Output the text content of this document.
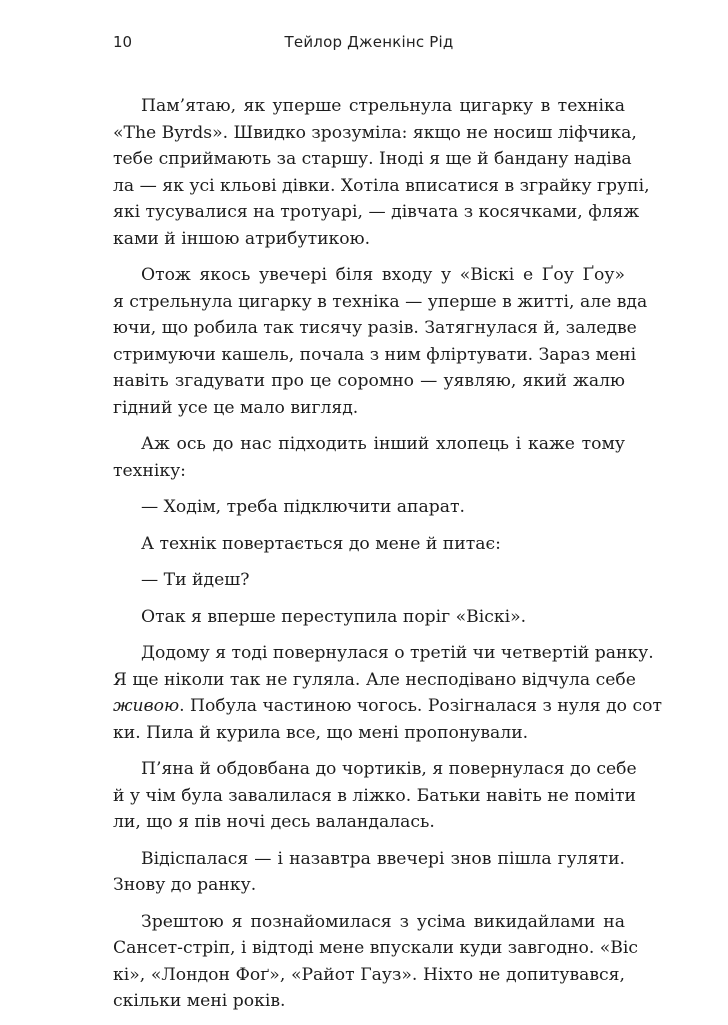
10	Тейлор Дженкінс Рід
Пам’ятаю, як уперше стрельнула цигарку в техніка
«The Byrds». Швидко зрозуміла: якщо не носиш ліфчика,
тебе сприймають за старшу. Іноді я ще й бандану надіва
ла — як усі кльові дівки. Хотіла вписатися в зграйку групі,
які тусувалися на тротуарі, — дівчата з косячками, фляж
ками й іншою атрибутикою.
Отож якось увечері біля входу у «Віскі е Ґоу Ґоу»
я стрельнула цигарку в техніка — уперше в житті, але вда
ючи, що робила так тисячу разів. Затягнулася й, заледве
стримуючи кашель, почала з ним фліртувати. Зараз мені
навіть згадувати про це соромно — уявляю, який жалю
гідний усе це мало вигляд.
Аж ось до нас підходить інший хлопець і каже тому
техніку:
— Ходім, треба підключити апарат.
А технік повертається до мене й питає:
— Ти йдеш?
Отак я вперше переступила поріг «Віскі».
Додому я тоді повернулася о третій чи четвертій ранку.
Я ще ніколи так не гуляла. Але несподівано відчула себе
живою. Побула частиною чогось. Розігналася з нуля до сот
ки. Пила й курила все, що мені пропонували.
П’яна й обдовбана до чортиків, я повернулася до себе
й у чім була завалилася в ліжко. Батьки навіть не поміти
ли, що я пів ночі десь валандалась.
Відіспалася — і назавтра ввечері знов пішла гуляти.
Знову до ранку.
Зрештою я познайомилася з усіма викидайлами на
Сансет-стріп, і відтоді мене впускали куди завгодно. «Віс
кі», «Лондон Фоґ», «Райот Гауз». Ніхто не допитувався,
скільки мені років.
